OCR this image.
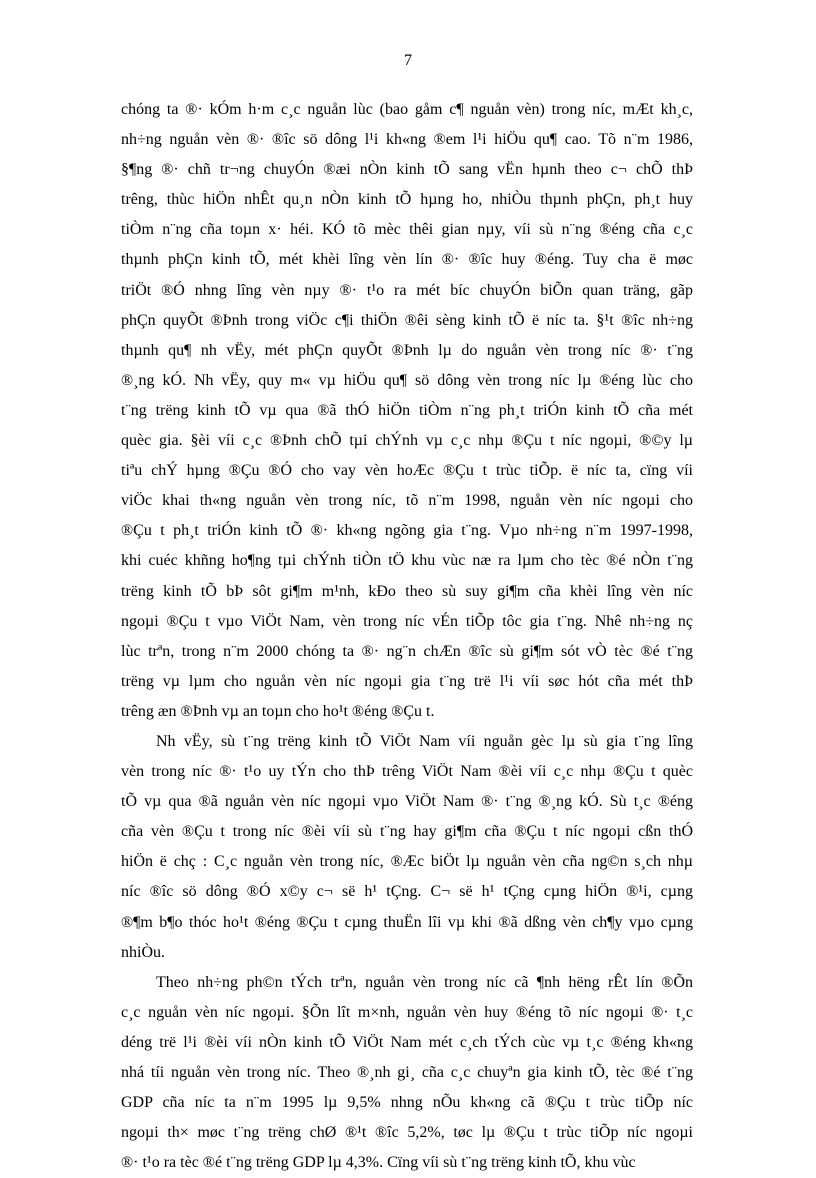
7
chóng ta ®· kÓm h·m c¸c nguån lùc (bao gåm c¶ nguån vèn) trong níc, mÆt kh¸c,
nh÷ng nguån vèn ®· ®îc sö dông l¹i kh«ng ®em l¹i hiÖu qu¶ cao. Tõ n¨m 1986,
§¶ng ®· chñ tr¬ng chuyÓn ®æi nÒn kinh tÕ sang vËn hµnh theo c¬ chÕ thÞ
trêng, thùc hiÖn nhÊt qu¸n nÒn kinh tÕ hµng ho, nhiÒu thµnh phÇn, ph¸t huy
tiÒm n¨ng cña toµn x· héi. KÓ tõ mèc thêi gian nµy, víi sù n¨ng ®éng cña c¸c
thµnh phÇn kinh tÕ, mét khèi lîng vèn lín ®· ®îc huy ®éng. Tuy cha ë møc
triÖt ®Ó nhng lîng vèn nµy ®· t¹o ra mét bíc chuyÓn biÕn quan träng, gãp
phÇn quyÕt ®Þnh trong viÖc c¶i thiÖn ®êi sèng kinh tÕ ë níc ta. §¹t ®îc nh÷ng
thµnh qu¶ nh vËy, mét phÇn quyÕt ®Þnh lµ do nguån vèn trong níc ®· t¨ng
®¸ng kÓ. Nh vËy, quy m« vµ hiÖu qu¶ sö dông vèn trong níc lµ ®éng lùc cho
t¨ng trëng kinh tÕ vµ qua ®ã thÓ hiÖn tiÒm n¨ng ph¸t triÓn kinh tÕ cña mét
quèc gia. §èi víi c¸c ®Þnh chÕ tµi chÝnh vµ c¸c nhµ ®Çu t níc ngoµi, ®©y lµ
tiªu chÝ hµng ®Çu ®Ó cho vay vèn hoÆc ®Çu t trùc tiÕp. ë níc ta, cïng víi
viÖc khai th«ng nguån vèn trong níc, tõ n¨m 1998, nguån vèn níc ngoµi cho
®Çu t ph¸t triÓn kinh tÕ ®· kh«ng ngõng gia t¨ng. Vµo nh÷ng n¨m 1997-1998,
khi cuéc khñng ho¶ng tµi chÝnh tiÒn tÖ khu vùc næ ra lµm cho tèc ®é nÒn t¨ng
trëng kinh tÕ bÞ sôt gi¶m m¹nh, kÐo theo sù suy gi¶m cña khèi lîng vèn níc
ngoµi ®Çu t vµo ViÖt Nam, vèn trong níc vÉn tiÕp tôc gia t¨ng. Nhê nh÷ng nç
lùc trªn, trong n¨m 2000 chóng ta ®· ng¨n chÆn ®îc sù gi¶m sót vÒ tèc ®é t¨ng
trëng vµ lµm cho nguån vèn níc ngoµi gia t¨ng trë l¹i víi søc hót cña mét thÞ
trêng æn ®Þnh vµ an toµn cho ho¹t ®éng ®Çu t.
Nh vËy, sù t¨ng trëng kinh tÕ ViÖt Nam víi nguån gèc lµ sù gia t¨ng lîng
vèn trong níc ®· t¹o uy tÝn cho thÞ trêng ViÖt Nam ®èi víi c¸c nhµ ®Çu t quèc
tÕ vµ qua ®ã nguån vèn níc ngoµi vµo ViÖt Nam ®· t¨ng ®¸ng kÓ. Sù t¸c ®éng
cña vèn ®Çu t trong níc ®èi víi sù t¨ng hay gi¶m cña ®Çu t níc ngoµi cßn thÓ
hiÖn ë chç : C¸c nguån vèn trong níc, ®Æc biÖt lµ nguån vèn cña ng©n s¸ch nhµ
níc ®îc sö dông ®Ó x©y c¬ së h¹ tÇng. C¬ së h¹ tÇng cµng hiÖn ®¹i, cµng
®¶m b¶o thóc ho¹t ®éng ®Çu t cµng thuËn lîi vµ khi ®ã dßng vèn ch¶y vµo cµng
nhiÒu.
Theo nh÷ng ph©n tÝch trªn, nguån vèn trong níc cã ¶nh hëng rÊt lín ®Õn
c¸c nguån vèn níc ngoµi. §Õn lît m×nh, nguån vèn huy ®éng tõ níc ngoµi ®· t¸c
déng trë l¹i ®èi víi nÒn kinh tÕ ViÖt Nam mét c¸ch tÝch cùc vµ t¸c ®éng kh«ng
nhá tíi nguån vèn trong níc. Theo ®¸nh gi¸ cña c¸c chuyªn gia kinh tÕ, tèc ®é t¨ng
GDP cña níc ta n¨m 1995 lµ 9,5% nhng nÕu kh«ng cã ®Çu t trùc tiÕp níc
ngoµi th× møc t¨ng trëng chØ ®¹t ®îc 5,2%, tøc lµ ®Çu t trùc tiÕp níc ngoµi
®· t¹o ra tèc ®é t¨ng trëng GDP lµ 4,3%. Cïng víi sù t¨ng trëng kinh tÕ, khu vùc
